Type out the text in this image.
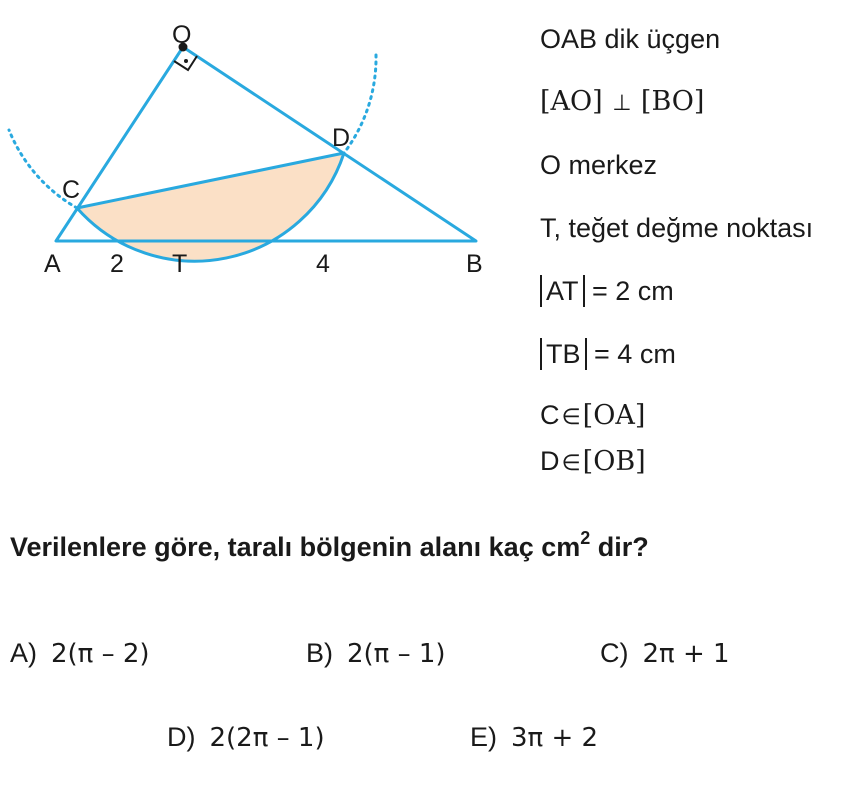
O
C
D
A 2 T	4	B
OAB dik üçgen
[AO] ⊥ [BO]
O merkez
T, teğet değme noktası
AT = 2 cm
TB = 4 cm
C∈[OA]
D∈[OB]
Verilenlere göre, taralı bölgenin alanı kaç $cm^2$ dir?
A) 2(π – 2)	B) 2(π – 1)	C) 2π + 1
D) 2(2π – 1)	E) 3π + 2
